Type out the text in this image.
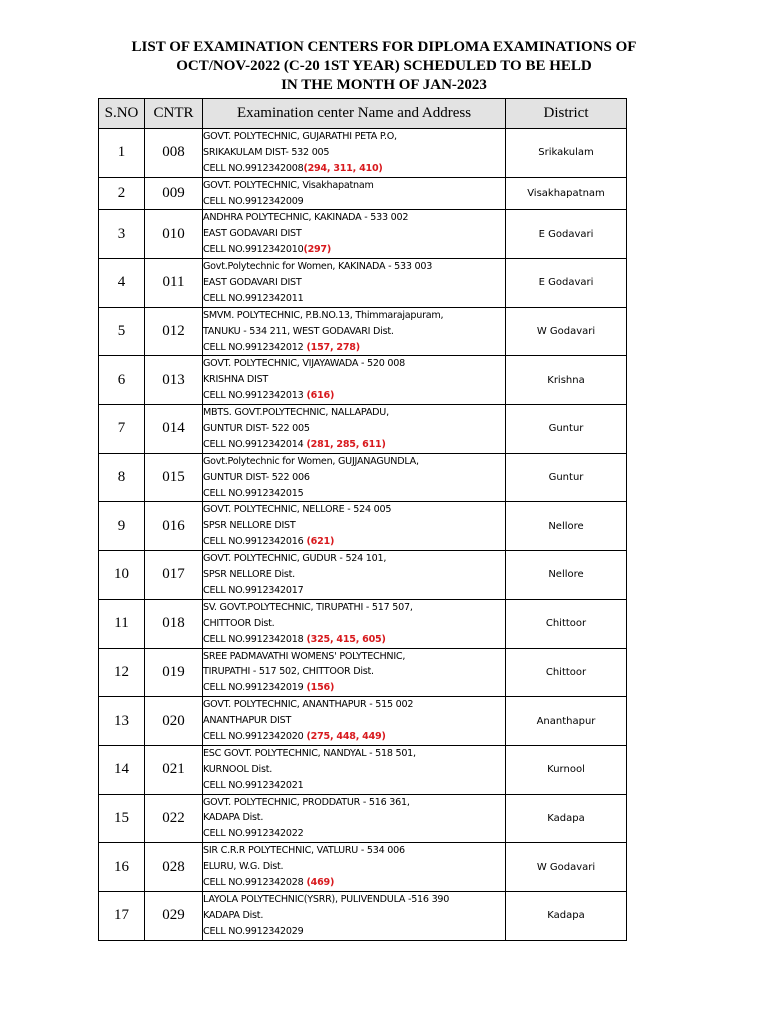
LIST OF EXAMINATION CENTERS FOR DIPLOMA EXAMINATIONS OF
OCT/NOV-2022 (C-20 1ST YEAR) SCHEDULED TO BE HELD
IN THE MONTH OF JAN-2023
S.NO	CNTR	Examination center Name and Address	District
1	008	GOVT. POLYTECHNIC, GUJARATHI PETA P.O,
SRIKAKULAM DIST- 532 005
CELL NO.9912342008(294, 311, 410)	Srikakulam
2	009	GOVT. POLYTECHNIC, Visakhapatnam
CELL NO.9912342009	Visakhapatnam
3	010	ANDHRA POLYTECHNIC, KAKINADA - 533 002
EAST GODAVARI DIST
CELL NO.9912342010(297)	E Godavari
4	011	Govt.Polytechnic for Women, KAKINADA - 533 003
EAST GODAVARI DIST
CELL NO.9912342011	E Godavari
5	012	SMVM. POLYTECHNIC, P.B.NO.13, Thimmarajapuram,
TANUKU - 534 211, WEST GODAVARI Dist.
CELL NO.9912342012 (157, 278)	W Godavari
6	013	GOVT. POLYTECHNIC, VIJAYAWADA - 520 008
KRISHNA DIST
CELL NO.9912342013 (616)	Krishna
7	014	MBTS. GOVT.POLYTECHNIC, NALLAPADU,
GUNTUR DIST- 522 005
CELL NO.9912342014 (281, 285, 611)	Guntur
8	015	Govt.Polytechnic for Women, GUJJANAGUNDLA,
GUNTUR DIST- 522 006
CELL NO.9912342015	Guntur
9	016	GOVT. POLYTECHNIC, NELLORE - 524 005
SPSR NELLORE DIST
CELL NO.9912342016 (621)	Nellore
10	017	GOVT. POLYTECHNIC, GUDUR - 524 101,
SPSR NELLORE Dist.
CELL NO.9912342017	Nellore
11	018	SV. GOVT.POLYTECHNIC, TIRUPATHI - 517 507,
CHITTOOR Dist.
CELL NO.9912342018 (325, 415, 605)	Chittoor
12	019	SREE PADMAVATHI WOMENS' POLYTECHNIC,
TIRUPATHI - 517 502, CHITTOOR Dist.
CELL NO.9912342019 (156)	Chittoor
13	020	GOVT. POLYTECHNIC, ANANTHAPUR - 515 002
ANANTHAPUR DIST
CELL NO.9912342020 (275, 448, 449)	Ananthapur
14	021	ESC GOVT. POLYTECHNIC, NANDYAL - 518 501,
KURNOOL Dist.
CELL NO.9912342021	Kurnool
15	022	GOVT. POLYTECHNIC, PRODDATUR - 516 361,
KADAPA Dist.
CELL NO.9912342022	Kadapa
16	028	SIR C.R.R POLYTECHNIC, VATLURU - 534 006
ELURU, W.G. Dist.
CELL NO.9912342028 (469)	W Godavari
17	029	LAYOLA POLYTECHNIC(YSRR), PULIVENDULA -516 390
KADAPA Dist.
CELL NO.9912342029	Kadapa
